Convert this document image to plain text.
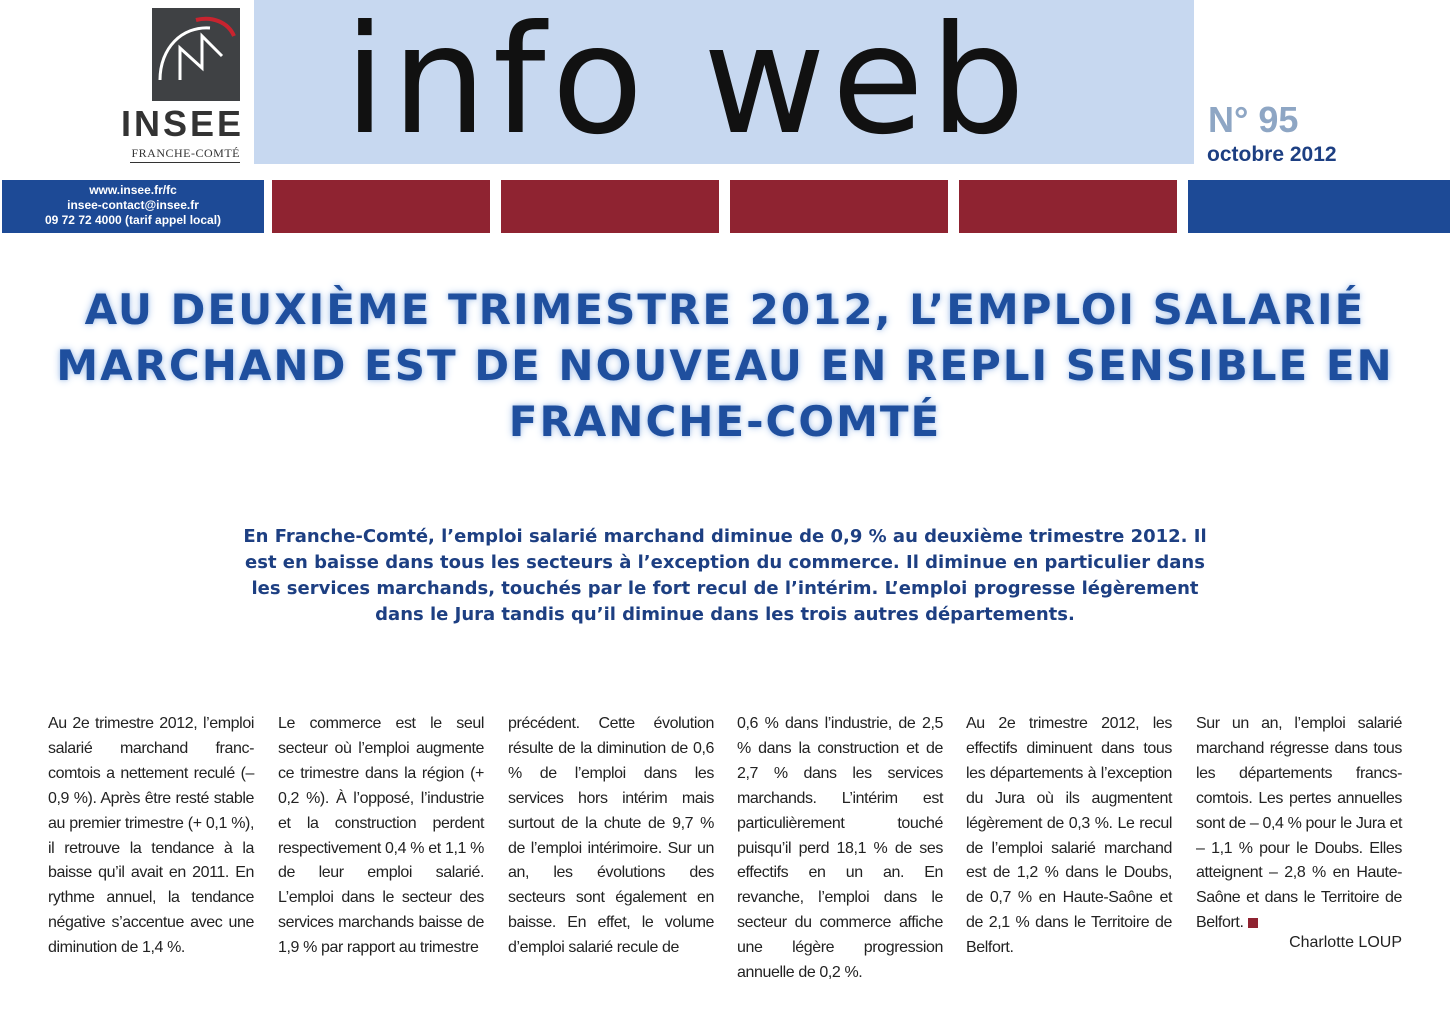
INSEE
FRANCHE-COMTÉ info web	N° 95
octobre 2012
www.insee.fr/fc
insee-contact@insee.fr
09 72 72 4000 (tarif appel local)
AU DEUXIÈME TRIMESTRE 2012, L’EMPLOI SALARIÉ MARCHAND EST DE NOUVEAU EN REPLI SENSIBLE EN FRANCHE-COMTÉ
En Franche-Comté, l’emploi salarié marchand diminue de 0,9 % au deuxième trimestre 2012. Il est en baisse dans tous les secteurs à l’exception du commerce. Il diminue en particulier dans les services marchands, touchés par le fort recul de l’intérim. L’emploi progresse légèrement dans le Jura tandis qu’il diminue dans les trois autres départements.

Au 2e trimestre 2012, l’emploi salarié marchand franc-comtois a nettement reculé (– 0,9 %). Après être resté stable au premier trimestre (+ 0,1 %), il retrouve la tendance à la baisse qu’il avait en 2011. En rythme annuel, la tendance négative s’accentue avec une diminution de 1,4 %.

Le commerce est le seul secteur où l’emploi augmente ce trimestre dans la région (+ 0,2 %). À l’opposé, l’industrie et la construction perdent respectivement 0,4 % et 1,1 % de leur emploi salarié. L’emploi dans le secteur des services marchands baisse de 1,9 % par rapport au trimestre

précédent. Cette évolution résulte de la diminution de 0,6 % de l’emploi dans les services hors intérim mais surtout de la chute de 9,7 % de l’emploi intérimoire. Sur un an, les évolutions des secteurs sont également en baisse. En effet, le volume d’emploi salarié recule de

0,6 % dans l’industrie, de 2,5 % dans la construction et de 2,7 % dans les services marchands. L’intérim est particulièrement touché puisqu’il perd 18,1 % de ses effectifs en un an. En revanche, l’emploi dans le secteur du commerce affiche une légère progression annuelle de 0,2 %.

Au 2e trimestre 2012, les effectifs diminuent dans tous les départements à l’exception du Jura où ils augmentent légèrement de 0,3 %. Le recul de l’emploi salarié marchand est de 1,2 % dans le Doubs, de 0,7 % en Haute-Saône et de 2,1 % dans le Territoire de Belfort.

Sur un an, l’emploi salarié marchand régresse dans tous les départements francs-comtois. Les pertes annuelles sont de – 0,4 % pour le Jura et – 1,1 % pour le Doubs. Elles atteignent – 2,8 % en Haute-Saône et dans le Territoire de Belfort.

Charlotte LOUP
